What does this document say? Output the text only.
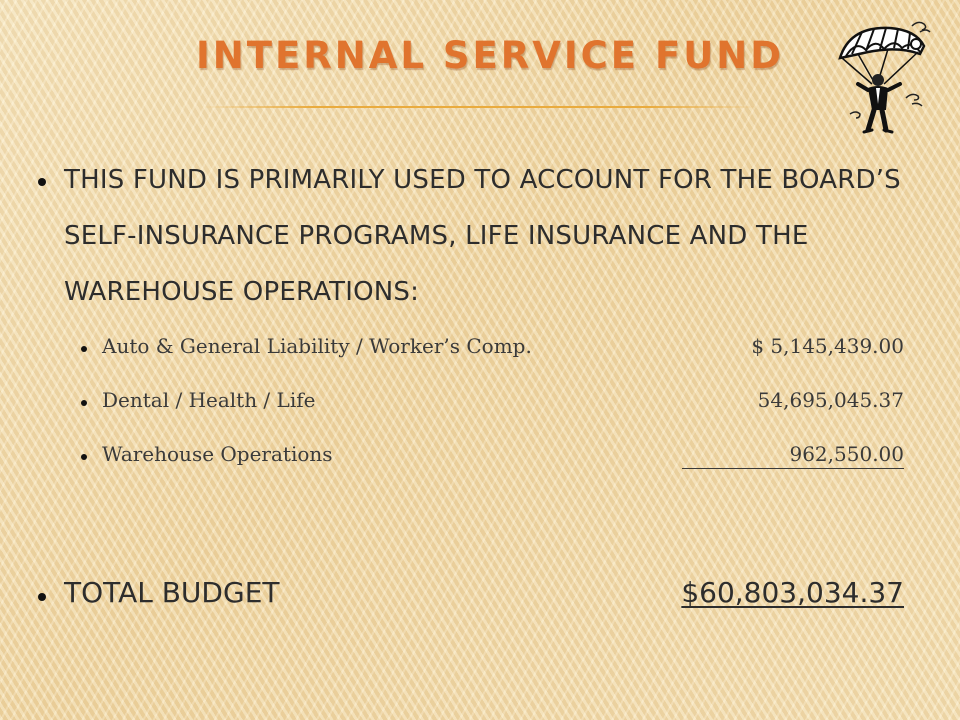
INTERNAL SERVICE FUND
THIS FUND IS PRIMARILY USED TO ACCOUNT FOR THE BOARD’S SELF-INSURANCE PROGRAMS, LIFE INSURANCE AND THE WAREHOUSE OPERATIONS:
Auto & General Liability / Worker’s Comp.	$ 5,145,439.00
Dental / Health / Life	54,695,045.37
Warehouse Operations	962,550.00
TOTAL BUDGET	$60,803,034.37
